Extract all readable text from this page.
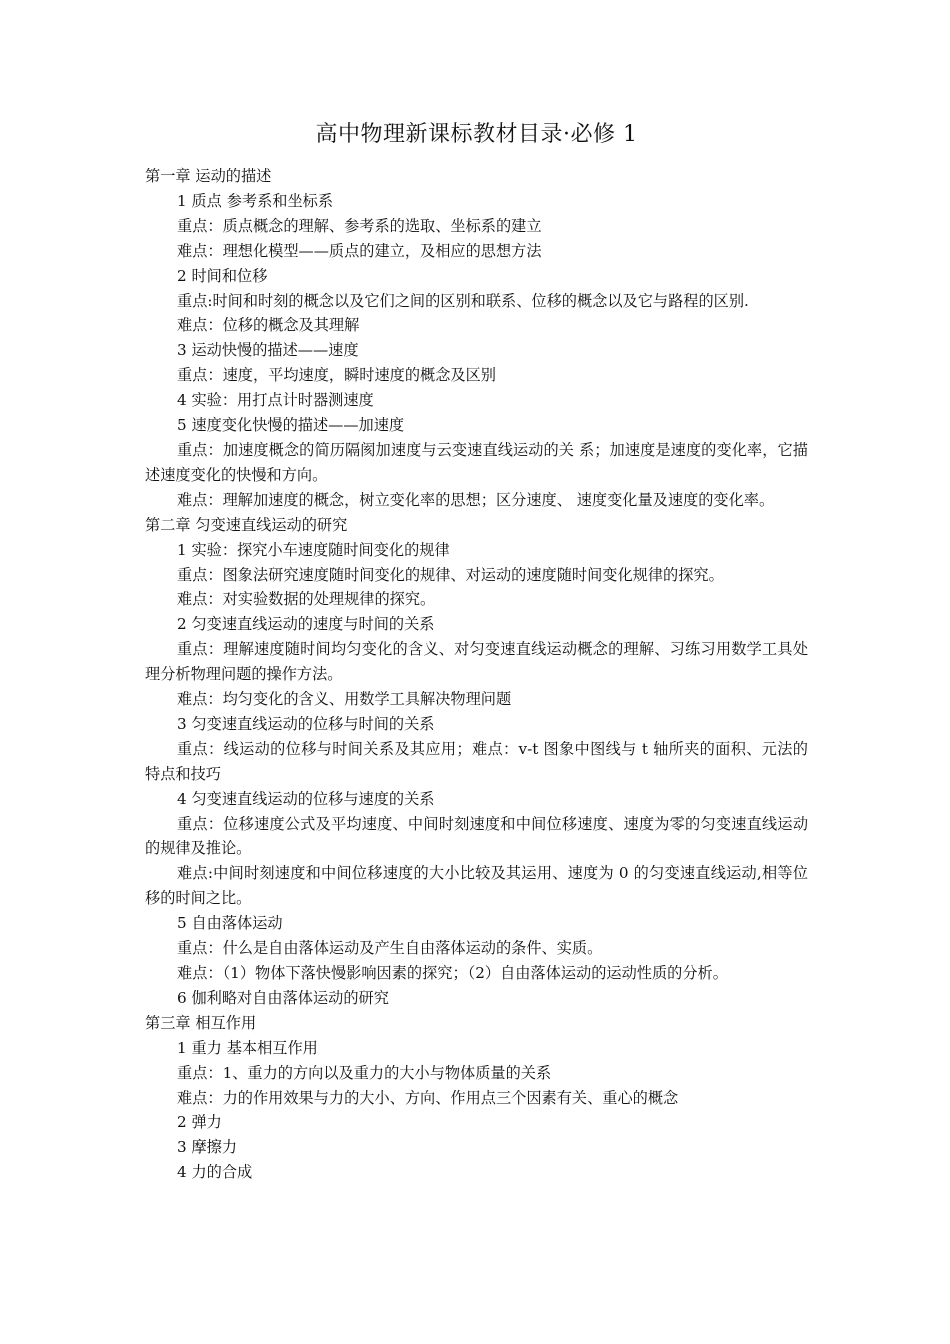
高中物理新课标教材目录·必修 1
第一章 运动的描述
1 质点 参考系和坐标系
重点：质点概念的理解、参考系的选取、坐标系的建立
难点：理想化模型——质点的建立，及相应的思想方法
2 时间和位移
重点:时间和时刻的概念以及它们之间的区别和联系、位移的概念以及它与路程的区别.
难点：位移的概念及其理解
3 运动快慢的描述——速度
重点：速度，平均速度，瞬时速度的概念及区别
4 实验：用打点计时器测速度
5 速度变化快慢的描述——加速度
重点：加速度概念的简历隔阂加速度与云变速直线运动的关 系；加速度是速度的变化率，它描述速度变化的快慢和方向。
难点：理解加速度的概念，树立变化率的思想；区分速度、 速度变化量及速度的变化率。
第二章 匀变速直线运动的研究
1 实验：探究小车速度随时间变化的规律
重点：图象法研究速度随时间变化的规律、对运动的速度随时间变化规律的探究。
难点：对实验数据的处理规律的探究。
2 匀变速直线运动的速度与时间的关系
重点：理解速度随时间均匀变化的含义、对匀变速直线运动概念的理解、习练习用数学工具处理分析物理问题的操作方法。
难点：均匀变化的含义、用数学工具解决物理问题
3 匀变速直线运动的位移与时间的关系
重点：线运动的位移与时间关系及其应用；难点：v-t 图象中图线与 t 轴所夹的面积、元法的特点和技巧
4 匀变速直线运动的位移与速度的关系
重点：位移速度公式及平均速度、中间时刻速度和中间位移速度、速度为零的匀变速直线运动的规律及推论。
难点:中间时刻速度和中间位移速度的大小比较及其运用、速度为 0 的匀变速直线运动,相等位移的时间之比。
5 自由落体运动
重点：什么是自由落体运动及产生自由落体运动的条件、实质。
难点：（1）物体下落快慢影响因素的探究；（2）自由落体运动的运动性质的分析。
6 伽利略对自由落体运动的研究
第三章 相互作用
1 重力 基本相互作用
重点：1、重力的方向以及重力的大小与物体质量的关系
难点：力的作用效果与力的大小、方向、作用点三个因素有关、重心的概念
2 弹力
3 摩擦力
4 力的合成
